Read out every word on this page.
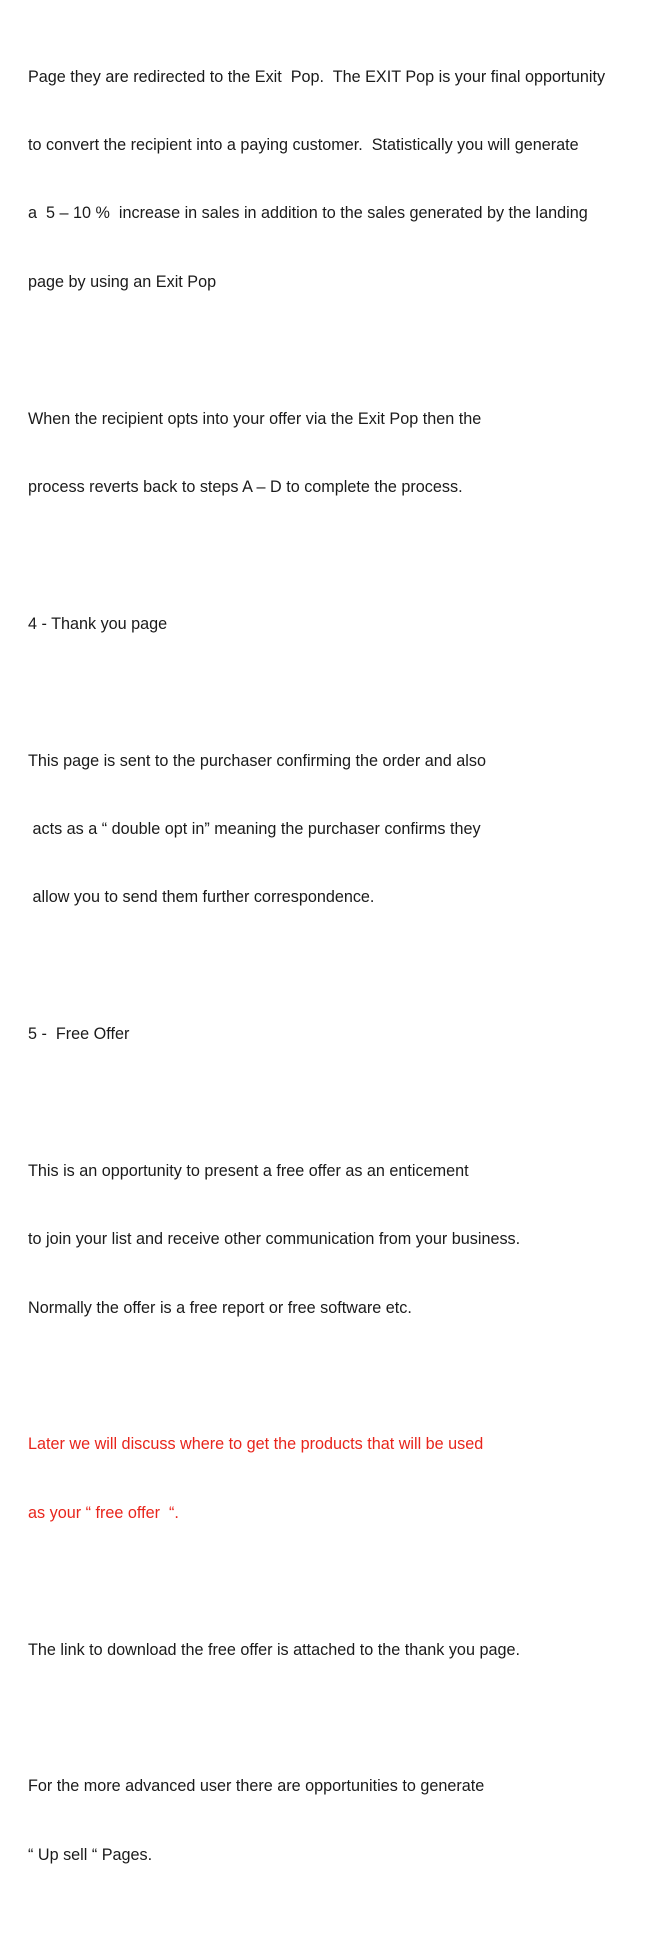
Page they are redirected to the Exit  Pop.  The EXIT Pop is your final opportunity

to convert the recipient into a paying customer.  Statistically you will generate

a  5 – 10 %  increase in sales in addition to the sales generated by the landing

page by using an Exit Pop

When the recipient opts into your offer via the Exit Pop then the

process reverts back to steps A – D to complete the process.

4 - Thank you page

This page is sent to the purchaser confirming the order and also

acts as a “ double opt in” meaning the purchaser confirms they

allow you to send them further correspondence.

5 -  Free Offer

This is an opportunity to present a free offer as an enticement

to join your list and receive other communication from your business.

Normally the offer is a free report or free software etc.

Later we will discuss where to get the products that will be used

as your “ free offer  “.

The link to download the free offer is attached to the thank you page.

For the more advanced user there are opportunities to generate

“ Up sell “ Pages.
